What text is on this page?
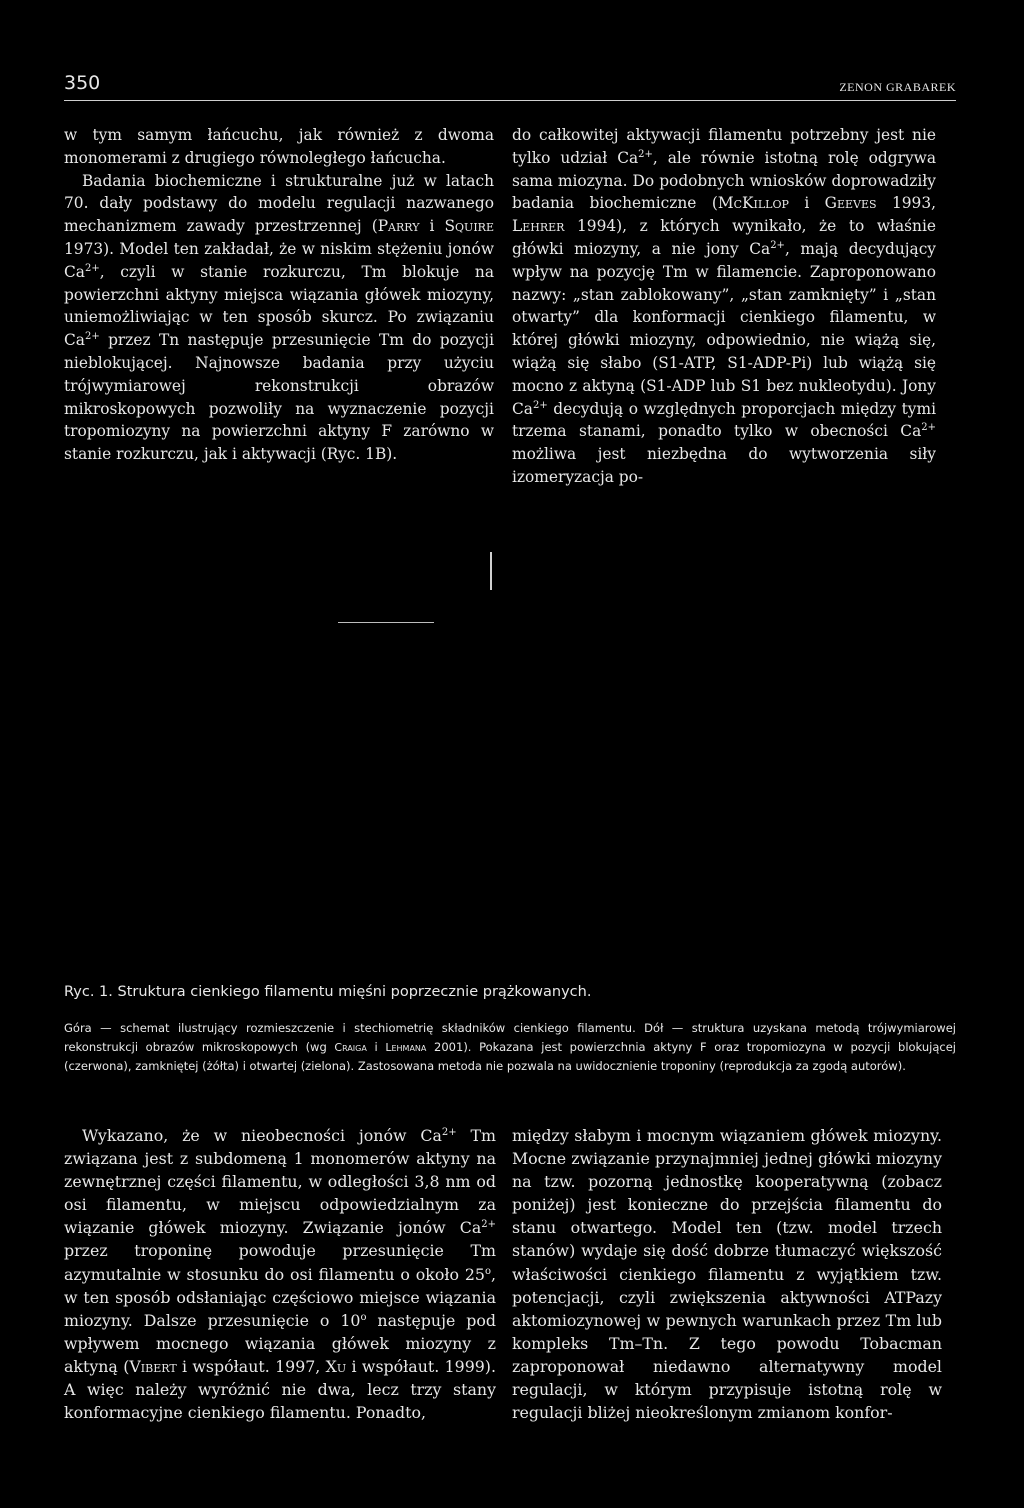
350	ZENON GRABAREK

w tym samym łańcuchu, jak również z dwoma monomerami z drugiego równoległego łańcucha.

Badania biochemiczne i strukturalne już w latach 70. dały podstawy do modelu regulacji nazwanego mechanizmem zawady przestrzennej (Parry i Squire 1973). Model ten zakładał, że w niskim stężeniu jonów $Ca^{2+}$, czyli w stanie rozkurczu, Tm blokuje na powierzchni aktyny miejsca wiązania główek miozyny, uniemożliwiając w ten sposób skurcz. Po związaniu $Ca^{2+}$ przez Tn następuje przesunięcie Tm do pozycji nieblokującej. Najnowsze badania przy użyciu trójwymiarowej rekonstrukcji obrazów mikroskopowych pozwoliły na wyznaczenie pozycji tropomiozyny na powierzchni aktyny F zarówno w stanie rozkurczu, jak i aktywacji (Ryc. 1B).

do całkowitej aktywacji filamentu potrzebny jest nie tylko udział $Ca^{2+}$, ale równie istotną rolę odgrywa sama miozyna. Do podobnych wniosków doprowadziły badania biochemiczne (McKillop i Geeves 1993, Lehrer 1994), z których wynikało, że to właśnie główki miozyny, a nie jony $Ca^{2+}$, mają decydujący wpływ na pozycję Tm w filamencie. Zaproponowano nazwy: „stan zablokowany”, „stan zamknięty” i „stan otwarty” dla konformacji cienkiego filamentu, w której główki miozyny, odpowiednio, nie wiążą się, wiążą się słabo (S1-ATP, S1-ADP-Pi) lub wiążą się mocno z aktyną (S1-ADP lub S1 bez nukleotydu). Jony $Ca^{2+}$ decydują o względnych proporcjach między tymi trzema stanami, ponadto tylko w obecności $Ca^{2+}$ możliwa jest niezbędna do wytworzenia siły izomeryzacja po-

Ryc. 1. Struktura cienkiego filamentu mięśni poprzecznie prążkowanych.
Góra — schemat ilustrujący rozmieszczenie i stechiometrię składników cienkiego filamentu. Dół — struktura uzyskana metodą trójwymiarowej rekonstrukcji obrazów mikroskopowych (wg Craiga i Lehmana 2001). Pokazana jest powierzchnia aktyny F oraz tropomiozyna w pozycji blokującej (czerwona), zamkniętej (żółta) i otwartej (zielona). Zastosowana metoda nie pozwala na uwidocznienie troponiny (reprodukcja za zgodą autorów).

Wykazano, że w nieobecności jonów $Ca^{2+}$ Tm związana jest z subdomeną 1 monomerów aktyny na zewnętrznej części filamentu, w odległości 3,8 nm od osi filamentu, w miejscu odpowiedzialnym za wiązanie główek miozyny. Związanie jonów $Ca^{2+}$ przez troponinę powoduje przesunięcie Tm azymutalnie w stosunku do osi filamentu o około 25$^o$, w ten sposób odsłaniając częściowo miejsce wiązania miozyny. Dalsze przesunięcie o 10$^o$ następuje pod wpływem mocnego wiązania główek miozyny z aktyną (Vibert i współaut. 1997, Xu i współaut. 1999). A więc należy wyróżnić nie dwa, lecz trzy stany konformacyjne cienkiego filamentu. Ponadto,

między słabym i mocnym wiązaniem główek miozyny. Mocne związanie przynajmniej jednej główki miozyny na tzw. pozorną jednostkę kooperatywną (zobacz poniżej) jest konieczne do przejścia filamentu do stanu otwartego. Model ten (tzw. model trzech stanów) wydaje się dość dobrze tłumaczyć większość właściwości cienkiego filamentu z wyjątkiem tzw. potencjacji, czyli zwiększenia aktywności ATPazy aktomiozynowej w pewnych warunkach przez Tm lub kompleks Tm–Tn. Z tego powodu Tobacman zaproponował niedawno alternatywny model regulacji, w którym przypisuje istotną rolę w regulacji bliżej nieokreślonym zmianom konfor-
